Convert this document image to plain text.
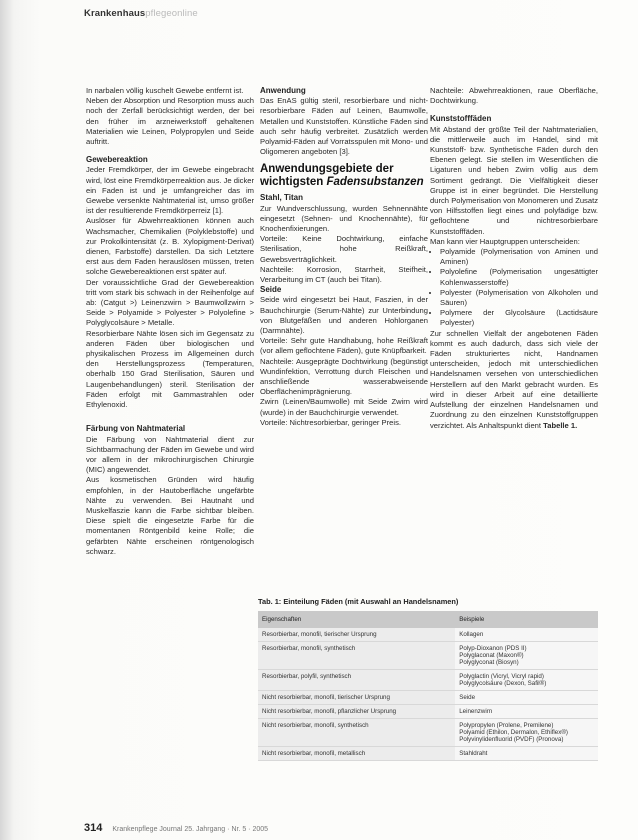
Krankenhauspflegeonline

In narbalen völlig kuschelt Gewebe entfernt ist.

Neben der Absorption und Resorption muss auch noch der Zerfall berücksichtigt werden, der bei den früher im arzneiwerkstoff gehaltenen Materialien wie Leinen, Polypropylen und Seide auftritt.

Gewebereaktion

Jeder Fremdkörper, der im Gewebe eingebracht wird, löst eine Fremdkörperreaktion aus. Je dicker ein Faden ist und je umfangreicher das im Gewebe versenkte Nahtmaterial ist, umso größer ist der resultierende Fremdkörperreiz [1].

Auslöser für Abwehrreaktionen können auch Wachsmacher, Chemikalien (Polyklebstoffe) und zur Prokolkintensität (z. B. Xylopigment-Derivat) dienen, Farbstoffe) darstellen. Da sich Letztere erst aus dem Faden herauslösen müssen, treten solche Gewebereaktionen erst später auf.

Der voraussichtliche Grad der Gewebereaktion tritt vom stark bis schwach in der Reihenfolge auf ab: (Catgut >) Leinenzwirn > Baumwollzwirn > Seide > Polyamide > Polyester > Polyolefine > Polyglycolsäure > Metalle.

Resorbierbare Nähte lösen sich im Gegensatz zu anderen Fäden über biologischen und physikalischen Prozess im Allgemeinen durch den Herstellungsprozess (Temperaturen, oberhalb 150 Grad Sterilisation, Säuren und Laugenbehandlungen) steril. Sterilisation der Fäden erfolgt mit Gammastrahlen oder Ethylenoxid.

Färbung von Nahtmaterial

Die Färbung von Nahtmaterial dient zur Sichtbarmachung der Fäden im Gewebe und wird vor allem in der mikrochirurgischen Chirurgie (MIC) angewendet.

Aus kosmetischen Gründen wird häufig empfohlen, in der Hautoberfläche ungefärbte Nähte zu verwenden. Bei Hautnaht und Muskelfaszie kann die Farbe sichtbar bleiben. Diese spielt die eingesetzte Farbe für die momentanen Röntgenbild keine Rolle; die gefärbten Nähte erscheinen röntgenologisch schwarz.

Anwendung

Das EnAS gültig steril, resorbierbare und nicht-resorbierbare Fäden auf Leinen, Baumwolle, Metallen und Kunststoffen. Künstliche Fäden sind auch sehr häufig verbreitet. Zusätzlich werden Polyamid-Fäden auf Vorratsspulen mit Mono- und Oligomeren angeboten [3].

Anwendungsgebiete der
wichtigsten Fadensubstanzen

Stahl, Titan

Zur Wundverschlussung, wurden Sehnennähte eingesetzt (Sehnen- und Knochennähte), für Knochenfixierungen.

Vorteile: Keine Dochtwirkung, einfache Sterilisation, hohe Reißkraft, Gewebsverträglichkeit.

Nachteile: Korrosion, Starrheit, Steifheit, Verarbeitung im CT (auch bei Titan).

Seide

Seide wird eingesetzt bei Haut, Faszien, in der Bauchchirurgie (Serum-Nähte) zur Unterbindung von Blutgefäßen und anderen Hohlorganen (Darmnähte).

Vorteile: Sehr gute Handhabung, hohe Reißkraft (vor allem geflochtene Fäden), gute Knüpfbarkeit.

Nachteile: Ausgeprägte Dochtwirkung (begünstigt Wundinfektion, Verrottung durch Fleischen und anschließende wasserabweisende Oberflächenimprägnierung.

Zwirn (Leinen/Baumwolle) mit Seide Zwirn wird (wurde) in der Bauchchirurgie verwendet.

Vorteile: Nichtresorbierbar, geringer Preis.

Nachteile: Abwehrreaktionen, raue Oberfläche, Dochtwirkung.

Kunststofffäden

Mit Abstand der größte Teil der Nahtmaterialien, die mittlerweile auch im Handel, sind mit Kunststoff- bzw. Synthetische Fäden durch den Ebenen gelegt. Sie stellen im Wesentlichen die Ligaturen und heben Zwirn völlig aus dem Sortiment gedrängt. Die Vielfältigkeit dieser Gruppe ist in einer begründet. Die Herstellung durch Polymerisation von Monomeren und Zusatz von Hilfsstoffen liegt eines und polyfädige bzw. geflochtene und nichtresorbierbare Kunststofffäden.

Man kann vier Hauptgruppen unterscheiden:

• Polyamide (Polymerisation von Aminen und Aminen)
• Polyolefine (Polymerisation ungesättigter Kohlenwasserstoffe)
• Polyester (Polymerisation von Alkoholen und Säuren)
• Polymere der Glycolsäure (Lactidsäure Polyester)

Zur schnellen Vielfalt der angebotenen Fäden kommt es auch dadurch, dass sich viele der Fäden strukturiertes nicht, Handnamen unterscheiden, jedoch mit unterschiedlichen Handelsnamen versehen von unterschiedlichen Herstellern auf den Markt gebracht wurden. Es wird in dieser Arbeit auf eine detaillierte Aufstellung der einzelnen Handelsnamen und Zuordnung zu den einzelnen Kunststoffgruppen verzichtet. Als Anhaltspunkt dient Tabelle 1.

Tab. 1: Einteilung Fäden (mit Auswahl an Handelsnamen)
Eigenschaften	Beispiele
Resorbierbar, monofil, tierischer Ursprung	Kollagen
Resorbierbar, monofil, synthetisch	Polyp-Dioxanon (PDS II)
Polyglaconat (Maxon®)
Polyglyconat (Biosyn)
Resorbierbar, polyfil, synthetisch	Polyglactin (Vicryl, Vicryl rapid)
Polyglycolsäure (Dexon, Safil®)
Nicht resorbierbar, monofil, tierischer Ursprung	Seide
Nicht resorbierbar, monofil, pflanzlicher Ursprung	Leinenzwirn
Nicht resorbierbar, monofil, synthetisch	Polypropylen (Prolene, Premilene)
Polyamid (Ethilon, Dermalon, Ethiflex®)
Polyvinylidenfluorid (PVDF) (Pronova)
Nicht resorbierbar, monofil, metallisch	Stahldraht
314 Krankenpflege Journal 25. Jahrgang · Nr. 5 · 2005
